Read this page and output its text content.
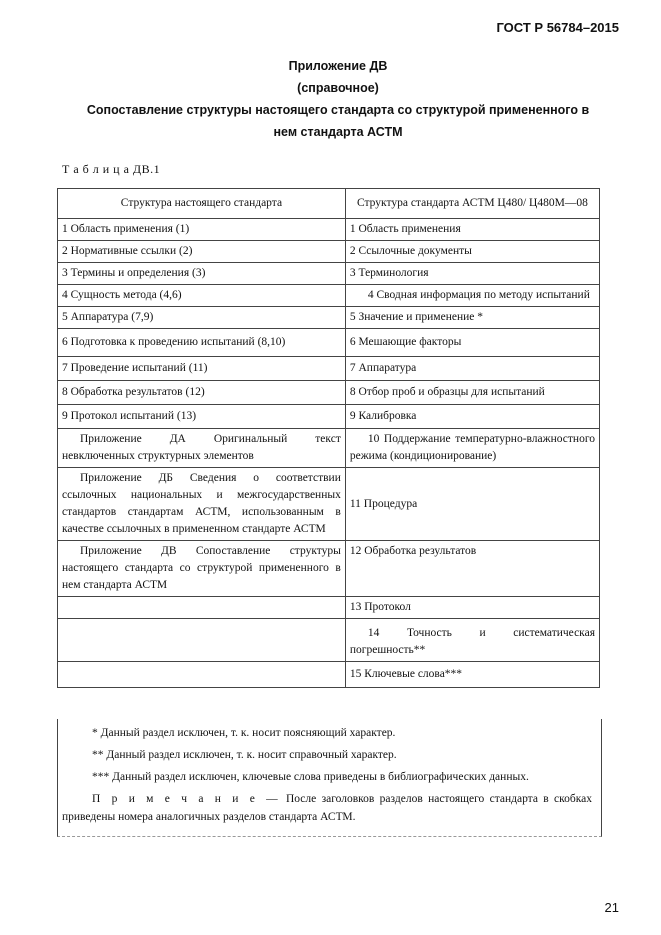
ГОСТ Р 56784–2015
Приложение ДВ
(справочное)
Сопоставление структуры настоящего стандарта со структурой примененного в
нем стандарта АСТМ
Т а б л и ц а ДВ.1
Структура настоящего стандарта	Структура стандарта АСТМ Ц480/ Ц480М—08
1 Область применения (1)	1 Область применения
2 Нормативные ссылки (2)	2 Ссылочные документы
3 Термины и определения (3)	3 Терминология
4 Сущность метода (4,6)	4 Сводная информация по методу испытаний
5 Аппаратура (7,9)	5 Значение и применение *
6 Подготовка к проведению испытаний (8,10)	6 Мешающие факторы
7 Проведение испытаний (11)	7 Аппаратура
8 Обработка результатов (12)	8 Отбор проб и образцы для испытаний
9 Протокол испытаний (13)	9 Калибровка
Приложение ДА Оригинальный текст невключенных структурных элементов	10 Поддержание температурно-влажностного режима (кондиционирование)
Приложение ДБ Сведения о соответствии ссылочных национальных и межгосударственных стандартов стандартам АСТМ, использованным в качестве ссылочных в примененном стандарте АСТМ	11 Процедура
Приложение ДВ Сопоставление структуры настоящего стандарта со структурой примененного в нем стандарта АСТМ	12 Обработка результатов
	13 Протокол
	14 Точность и систематическая погрешность**
	15 Ключевые слова***

* Данный раздел исключен, т. к. носит поясняющий характер.

** Данный раздел исключен, т. к. носит справочный характер.

*** Данный раздел исключен, ключевые слова приведены в библиографических данных.

П р и м е ч а н и е — После заголовков разделов настоящего стандарта в скобках приведены номера аналогичных разделов стандарта АСТМ.

21
